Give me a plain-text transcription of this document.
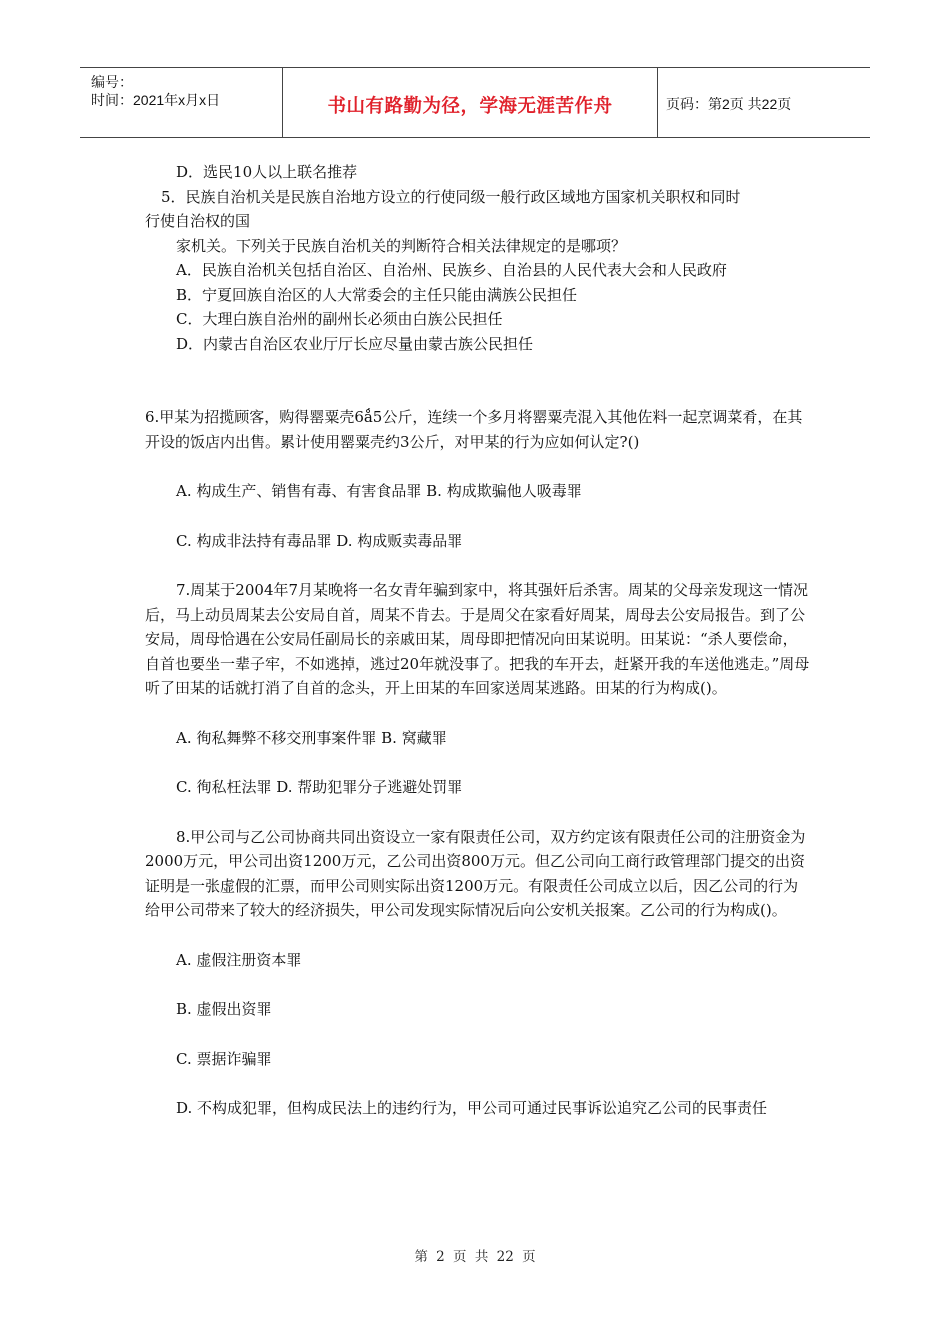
编号：
时间：2021年x月x日	书山有路勤为径，学海无涯苦作舟	页码：第2页 共22页

D．选民10人以上联名推荐

5．民族自治机关是民族自治地方设立的行使同级一般行政区域地方国家机关职权和同时

行使自治权的国

家机关。下列关于民族自治机关的判断符合相关法律规定的是哪项？

A．民族自治机关包括自治区、自治州、民族乡、自治县的人民代表大会和人民政府

B．宁夏回族自治区的人大常委会的主任只能由满族公民担任

C．大理白族自治州的副州长必须由白族公民担任

D．内蒙古自治区农业厅厅长应尽量由蒙古族公民担任

6.甲某为招揽顾客，购得罂粟壳6ǻ5公斤，连续一个多月将罂粟壳混入其他佐料一起烹调菜肴，在其开设的饭店内出售。累计使用罂粟壳约3公斤，对甲某的行为应如何认定?()

A. 构成生产、销售有毒、有害食品罪 B. 构成欺骗他人吸毒罪

C. 构成非法持有毒品罪 D. 构成贩卖毒品罪

7.周某于2004年7月某晚将一名女青年骗到家中，将其强奸后杀害。周某的父母亲发现这一情况后，马上动员周某去公安局自首，周某不肯去。于是周父在家看好周某，周母去公安局报告。到了公安局，周母恰遇在公安局任副局长的亲戚田某，周母即把情况向田某说明。田某说：“杀人要偿命，自首也要坐一辈子牢，不如逃掉，逃过20年就没事了。把我的车开去，赶紧开我的车送他逃走。”周母听了田某的话就打消了自首的念头，开上田某的车回家送周某逃路。田某的行为构成()。

A. 徇私舞弊不移交刑事案件罪 B. 窝藏罪

C. 徇私枉法罪 D. 帮助犯罪分子逃避处罚罪

8.甲公司与乙公司协商共同出资设立一家有限责任公司，双方约定该有限责任公司的注册资金为2000万元，甲公司出资1200万元，乙公司出资800万元。但乙公司向工商行政管理部门提交的出资证明是一张虚假的汇票，而甲公司则实际出资1200万元。有限责任公司成立以后，因乙公司的行为给甲公司带来了较大的经济损失，甲公司发现实际情况后向公安机关报案。乙公司的行为构成()。

A. 虚假注册资本罪

B. 虚假出资罪

C. 票据诈骗罪

D. 不构成犯罪，但构成民法上的违约行为，甲公司可通过民事诉讼追究乙公司的民事责任

第 2 页 共 22 页
